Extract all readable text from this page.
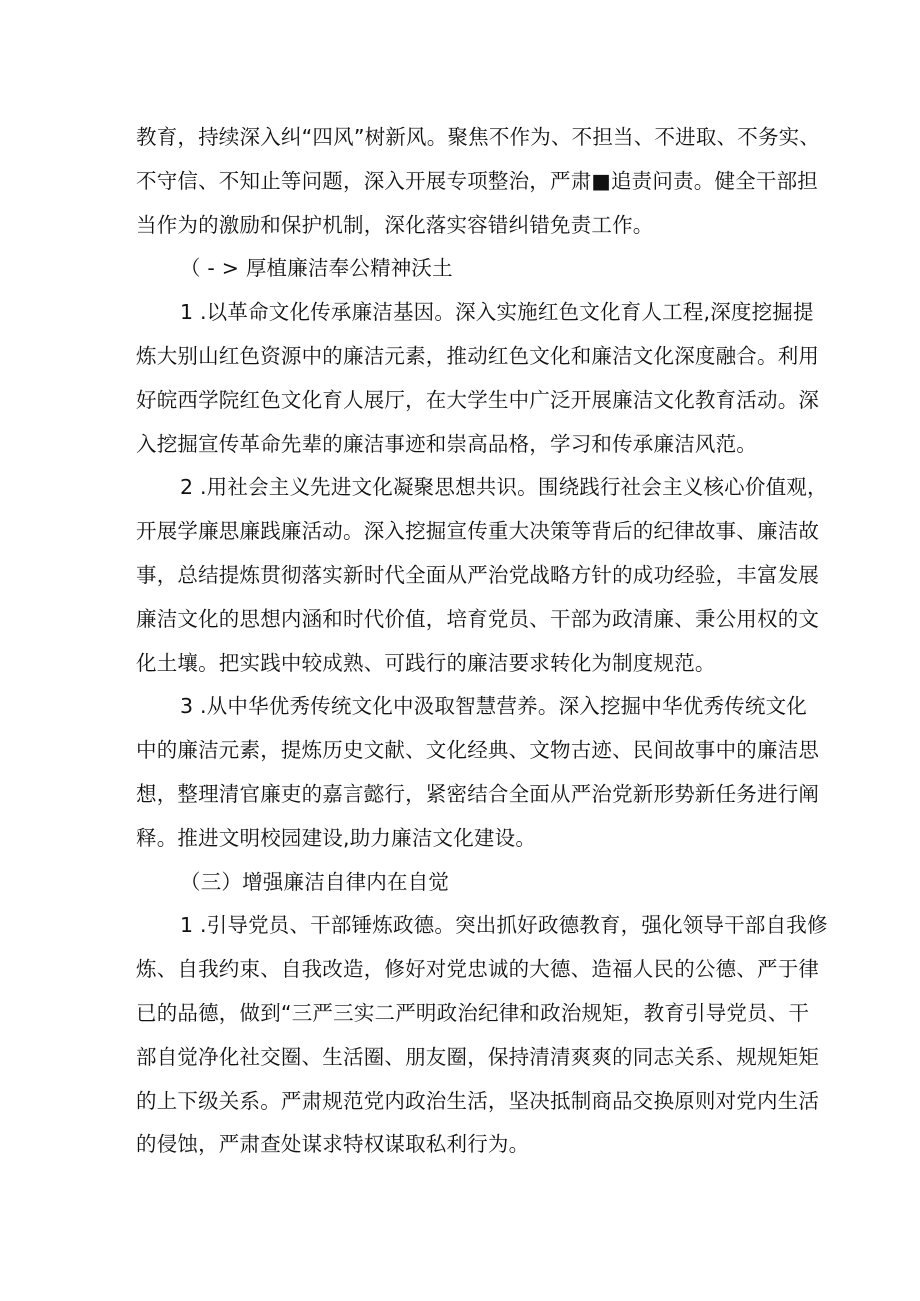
教育，持续深入纠“四风”树新风。聚焦不作为、不担当、不进取、不务实、
不守信、不知止等问题，深入开展专项整治，严肃■追责问责。健全干部担
当作为的激励和保护机制，深化落实容错纠错免责工作。
（ - > 厚植廉洁奉公精神沃土
1 .以革命文化传承廉洁基因。深入实施红色文化育人工程,深度挖掘提
炼大别山红色资源中的廉洁元素，推动红色文化和廉洁文化深度融合。利用
好皖西学院红色文化育人展厅，在大学生中广泛开展廉洁文化教育活动。深
入挖掘宣传革命先辈的廉洁事迹和崇高品格，学习和传承廉洁风范。
2 .用社会主义先进文化凝聚思想共识。围绕践行社会主义核心价值观，
开展学廉思廉践廉活动。深入挖掘宣传重大决策等背后的纪律故事、廉洁故
事，总结提炼贯彻落实新时代全面从严治党战略方针的成功经验，丰富发展
廉洁文化的思想内涵和时代价值，培育党员、干部为政清廉、秉公用权的文
化土壤。把实践中较成熟、可践行的廉洁要求转化为制度规范。
3 .从中华优秀传统文化中汲取智慧营养。深入挖掘中华优秀传统文化
中的廉洁元素，提炼历史文献、文化经典、文物古迹、民间故事中的廉洁思
想，整理清官廉吏的嘉言懿行，紧密结合全面从严治党新形势新任务进行阐
释。推进文明校园建设,助力廉洁文化建设。
（三）增强廉洁自律内在自觉
1 .引导党员、干部锤炼政德。突出抓好政德教育，强化领导干部自我修
炼、自我约束、自我改造，修好对党忠诚的大德、造福人民的公德、严于律
已的品德，做到“三严三实二严明政治纪律和政治规矩，教育引导党员、干
部自觉净化社交圈、生活圈、朋友圈，保持清清爽爽的同志关系、规规矩矩
的上下级关系。严肃规范党内政治生活，坚决抵制商品交换原则对党内生活
的侵蚀，严肃查处谋求特权谋取私利行为。
